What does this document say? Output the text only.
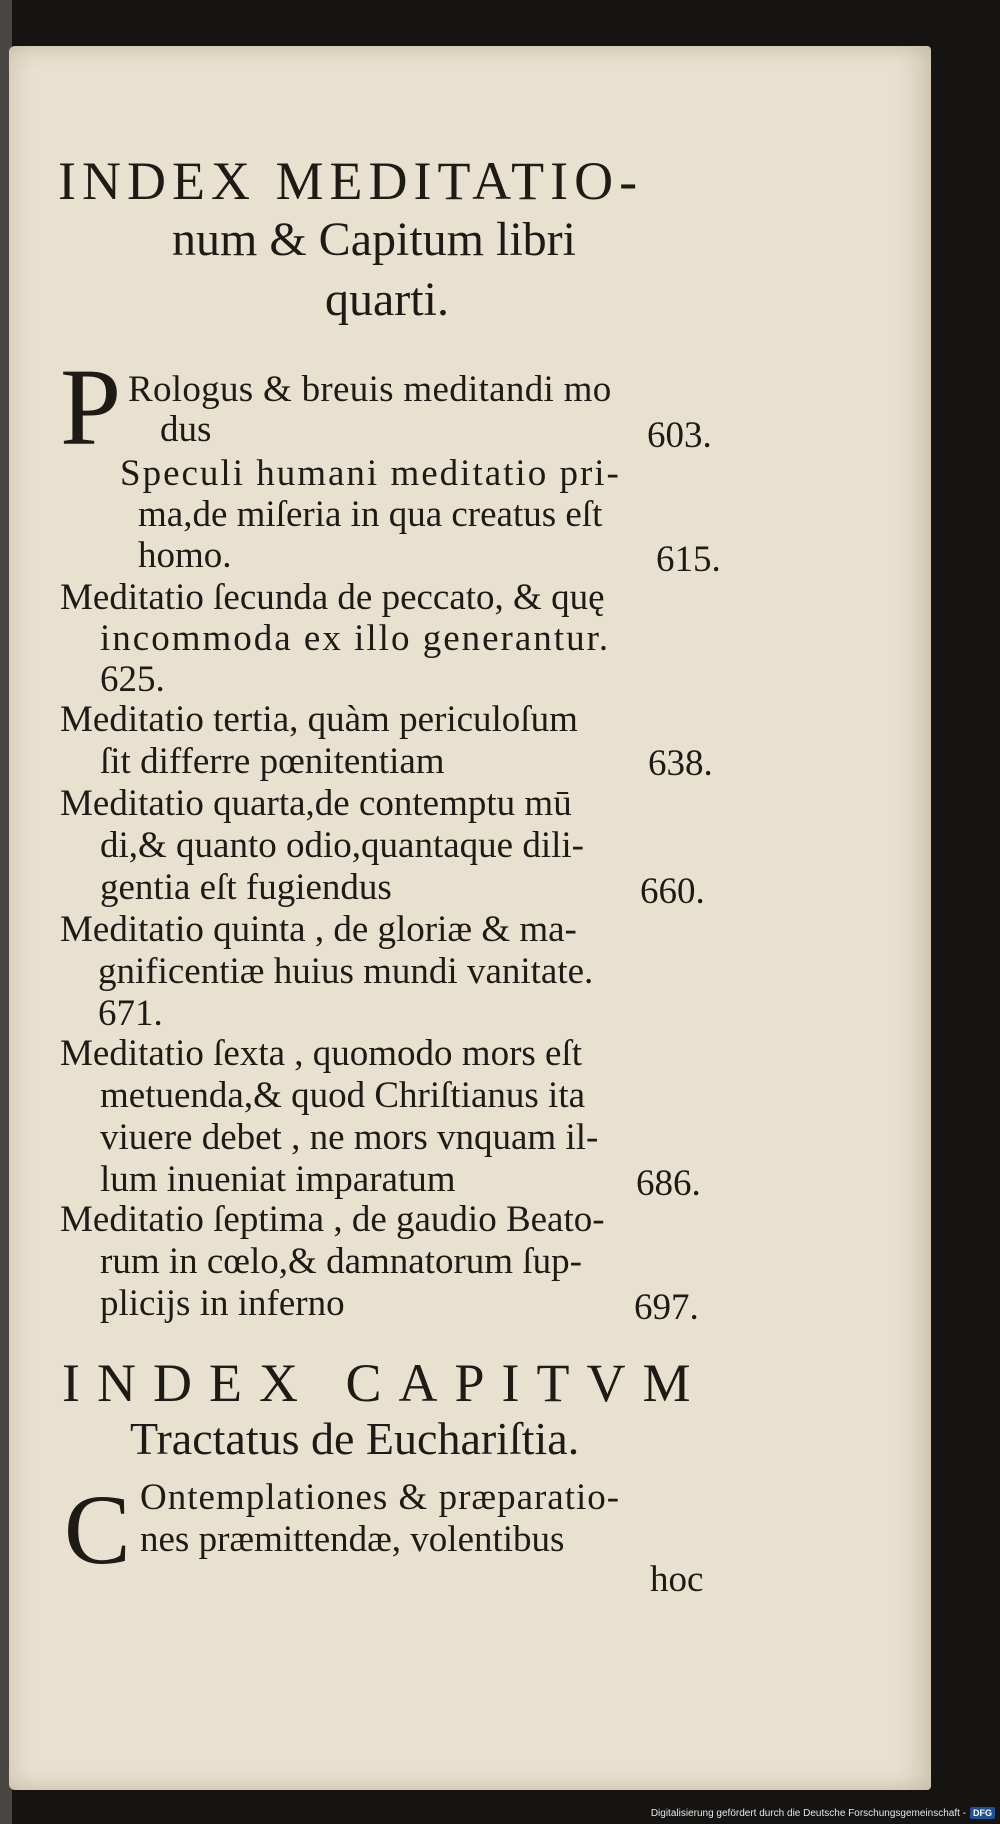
INDEX MEDITATIO-
num & Capitum libri
quarti.
P Rologus & breuis meditandi mo
dus	603.
Speculi humani meditatio pri-
ma,de miſeria in qua creatus eſt
homo.	615.
Meditatio ſecunda de peccato, & quę
incommoda ex illo generantur.
625.
Meditatio tertia, quàm periculoſum
ſit differre pœnitentiam	638.
Meditatio quarta,de contemptu mū
di,& quanto odio,quantaque dili-
gentia eſt fugiendus	660.
Meditatio quinta , de gloriæ & ma-
gnificentiæ huius mundi vanitate.
671.
Meditatio ſexta , quomodo mors eſt
metuenda,& quod Chriſtianus ita
viuere debet , ne mors vnquam il-
lum inueniat imparatum	686.
Meditatio ſeptima , de gaudio Beato-
rum in cœlo,& damnatorum ſup-
plicijs in inferno	697.
INDEX CAPITVM
Tractatus de Euchariſtia.
C Ontemplationes & præparatio-
nes præmittendæ, volentibus
hoc
Digitalisierung gefördert durch die Deutsche Forschungsgemeinschaft - DFG
